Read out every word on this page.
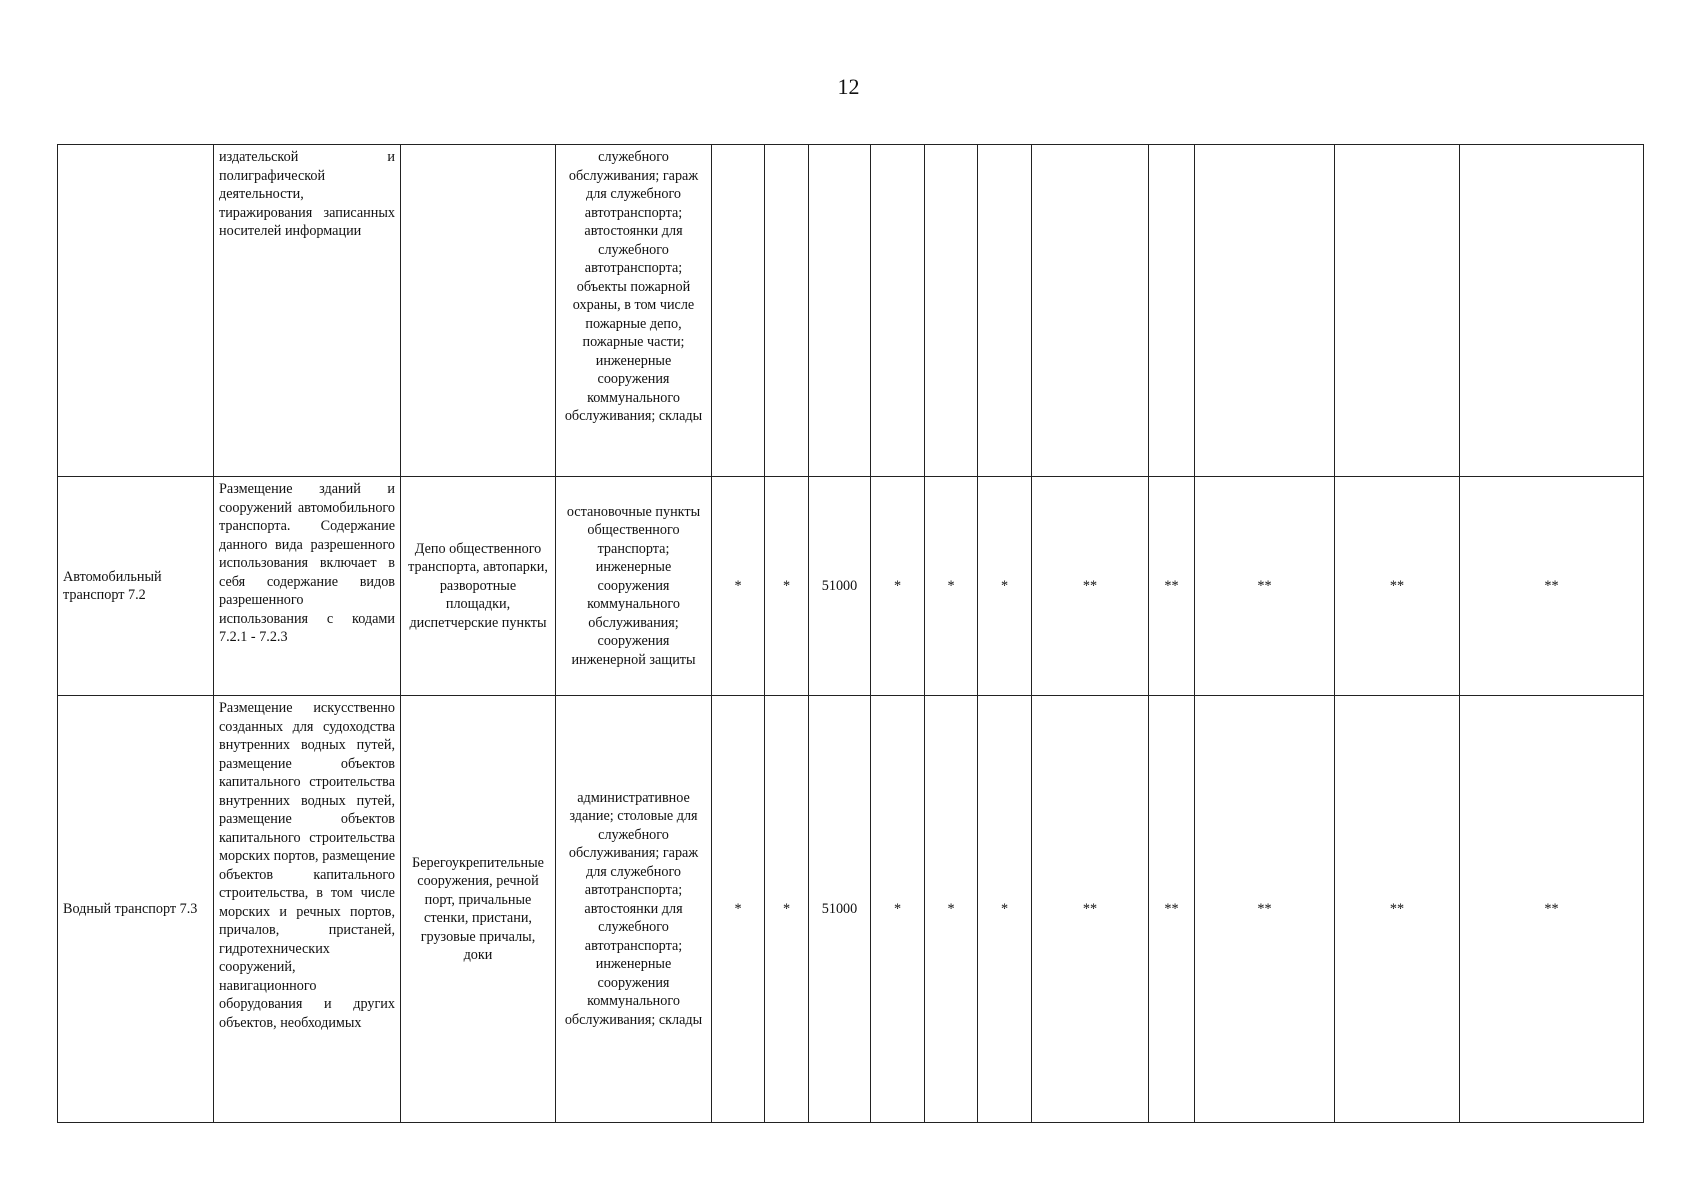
12
	издательской и полиграфической деятельности, тиражирования записанных носителей информации		служебного обслуживания; гараж для служебного автотранспорта; автостоянки для служебного автотранспорта; объекты пожарной охраны, в том числе пожарные депо, пожарные части; инженерные сооружения коммунального обслуживания; склады											
Автомобильный транспорт 7.2	Размещение зданий и сооружений автомобильного транспорта. Содержание данного вида разрешенного использования включает в себя содержание видов разрешенного использования с кодами 7.2.1 - 7.2.3	Депо общественного транспорта, автопарки, разворотные площадки, диспетчерские пункты	остановочные пункты общественного транспорта; инженерные сооружения коммунального обслуживания; сооружения инженерной защиты	*	*	51000	*	*	*	**	**	**	**	**
Водный транспорт 7.3	Размещение искусственно созданных для судоходства внутренних водных путей, размещение объектов капитального строительства внутренних водных путей, размещение объектов капитального строительства морских портов, размещение объектов капитального строительства, в том числе морских и речных портов, причалов, пристаней, гидротехнических сооружений, навигационного оборудования и других объектов, необходимых	Берегоукрепительные сооружения, речной порт, причальные стенки, пристани, грузовые причалы, доки	административное здание; столовые для служебного обслуживания; гараж для служебного автотранспорта; автостоянки для служебного автотранспорта; инженерные сооружения коммунального обслуживания; склады	*	*	51000	*	*	*	**	**	**	**	**
